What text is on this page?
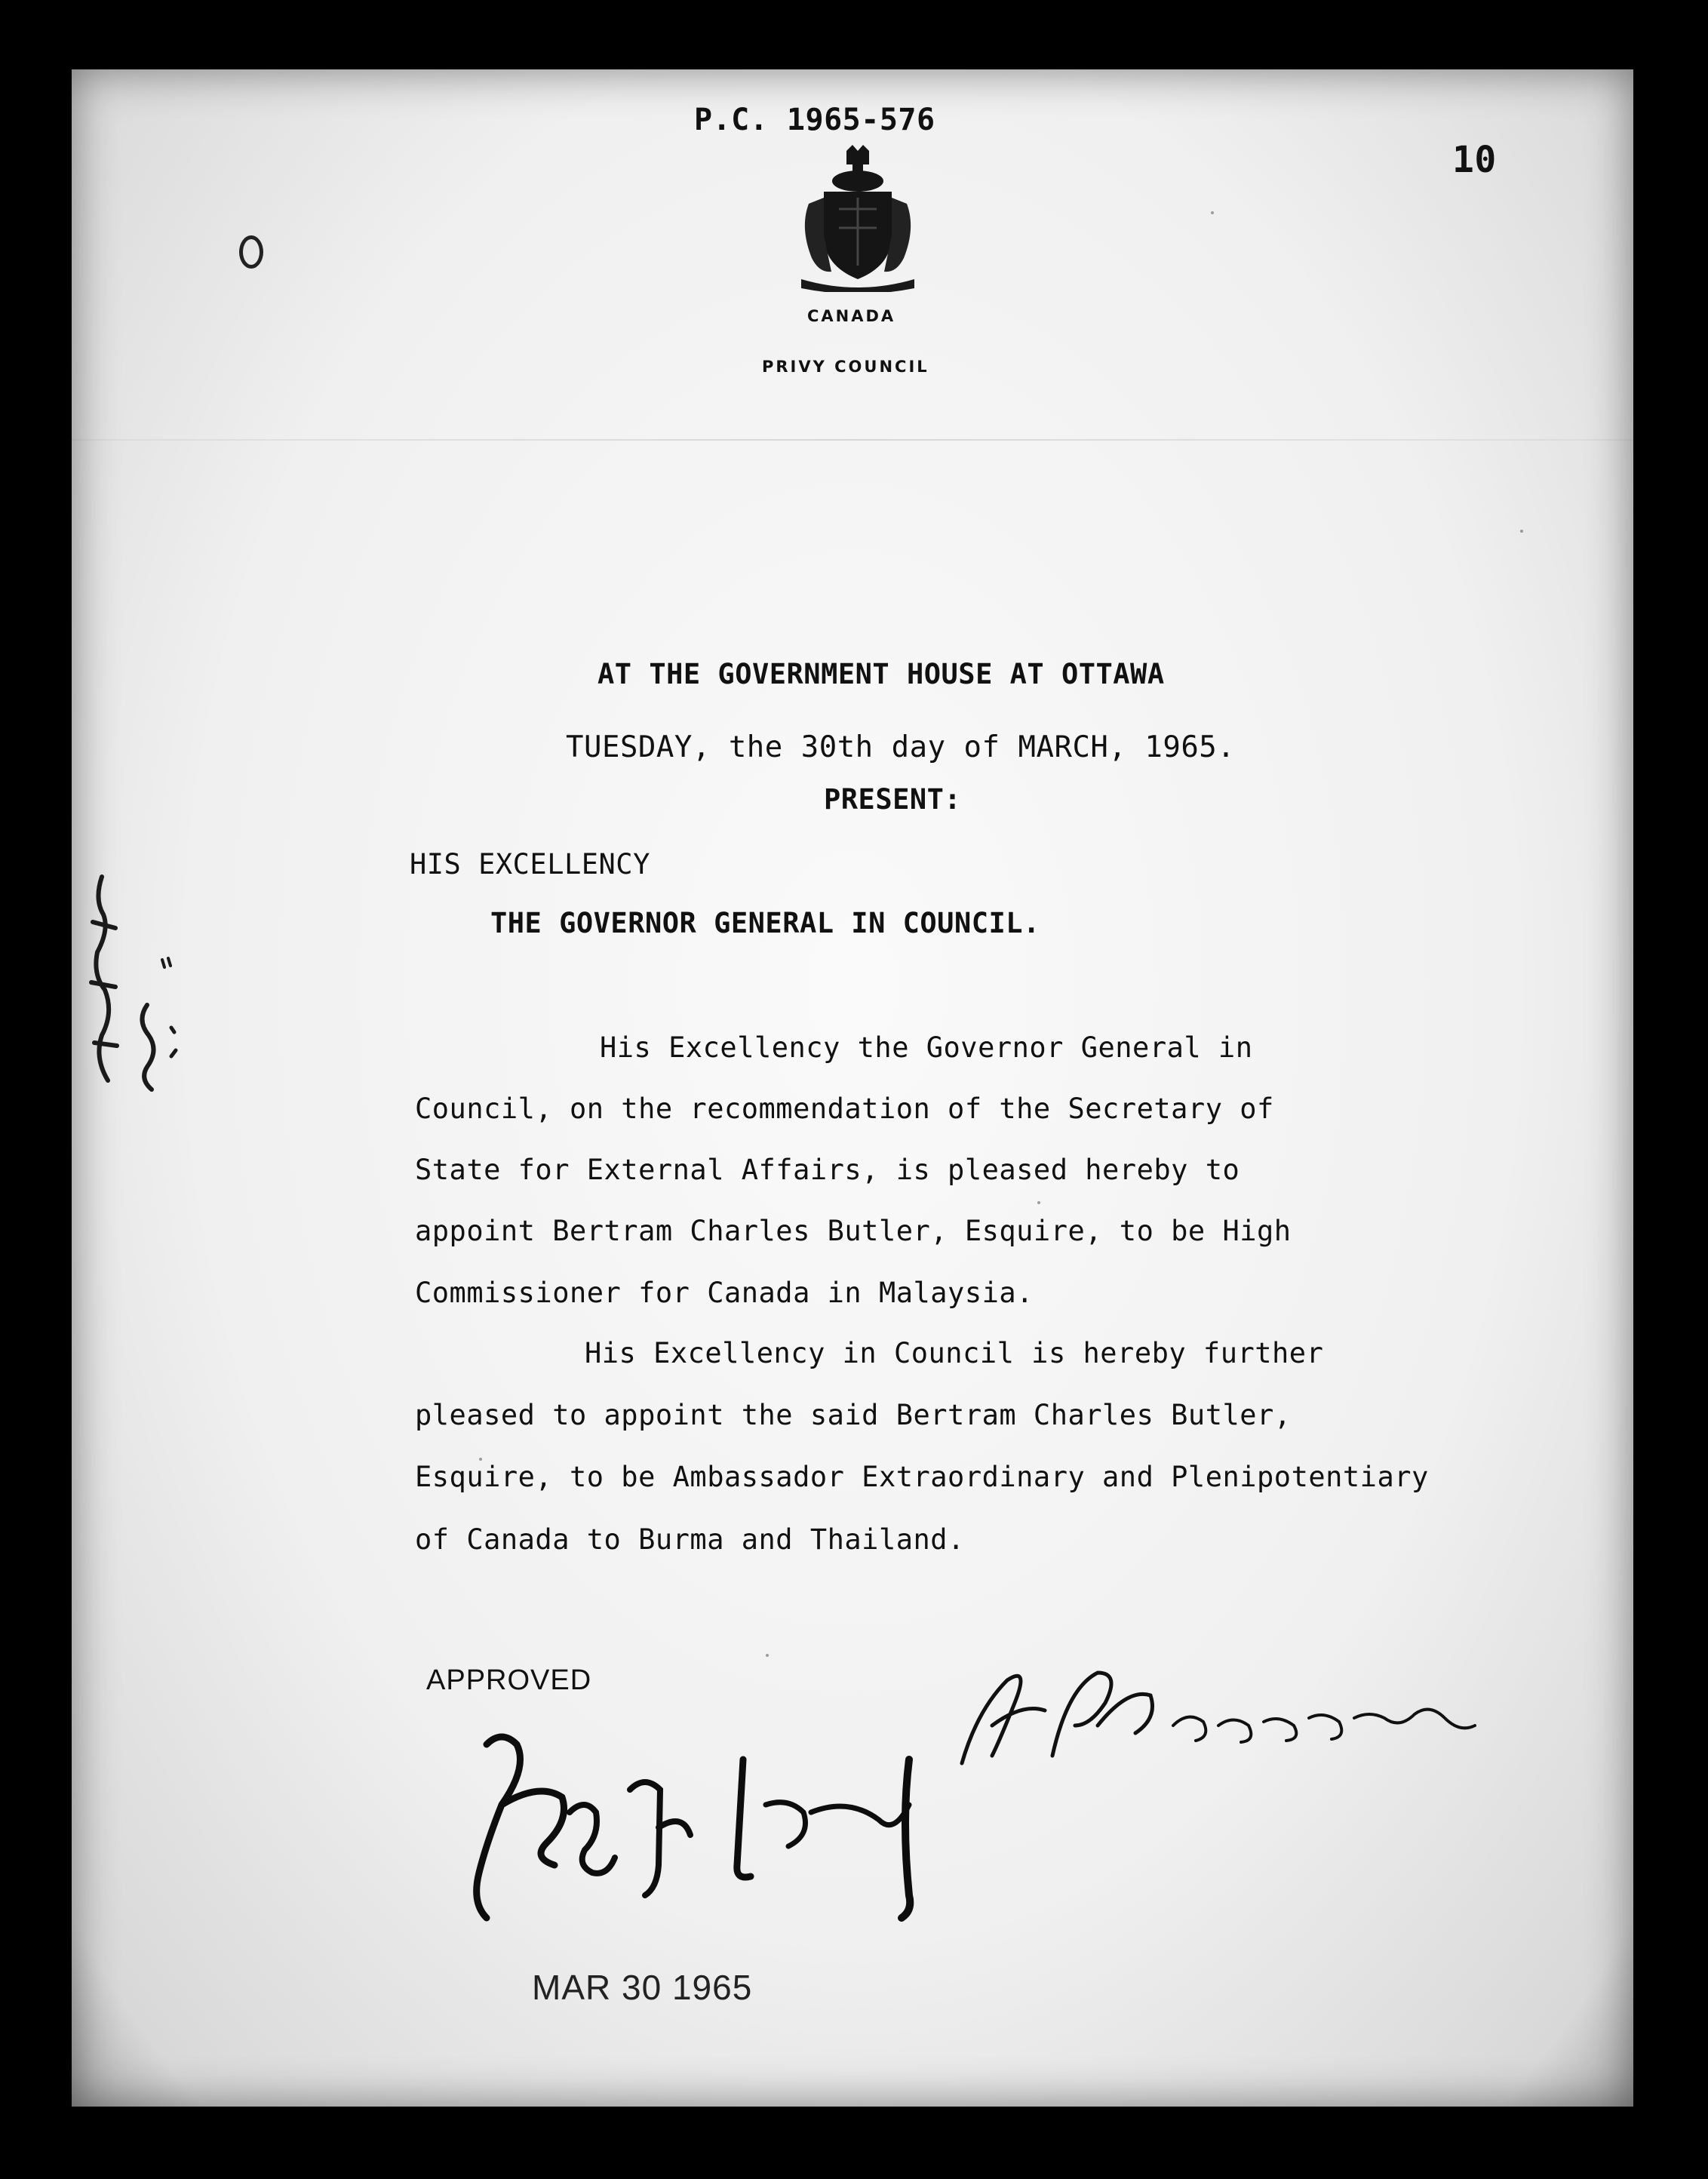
P.C. 1965-576
10
CANADA
PRIVY COUNCIL
AT THE GOVERNMENT HOUSE AT OTTAWA
TUESDAY, the 30th day of MARCH, 1965.
PRESENT:
HIS EXCELLENCY
THE GOVERNOR GENERAL IN COUNCIL.
His Excellency the Governor General in
Council, on the recommendation of the Secretary of
State for External Affairs, is pleased hereby to
appoint Bertram Charles Butler, Esquire, to be High
Commissioner for Canada in Malaysia.
His Excellency in Council is hereby further
pleased to appoint the said Bertram Charles Butler,
Esquire, to be Ambassador Extraordinary and Plenipotentiary
of Canada to Burma and Thailand.
APPROVED
MAR 30 1965
